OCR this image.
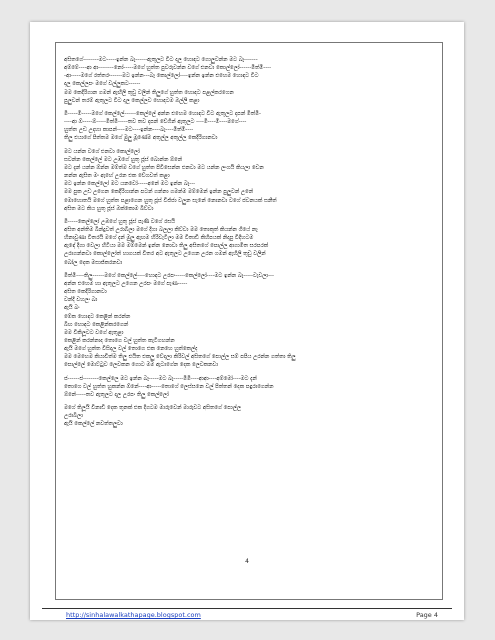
අසිතගේ--------මට-----ඉන්න බෑ------ඇතුලට විට දාල හොඳට ගොලුවන්න මට බෑ-------
අම්මේ----ආ ආ--------නෝ-----මගේ හුත්ත පුවරුවන්න වගේ එනවා කොල්ලෝ------මිත්මි----
-ආ-----මගේ රත්තරං------මට ඉන්න---බෑ කොල්ලෝ----ඉන්න ඉන්න එහෙම හොඳට විට
දාල කෙල්ලපං මගේ වල්ලුකට------
මම කෙදිරිගාන ගමන් ඇඟිලි තුඩු වලින් තිලුගේ හුත්ත හොඳට පළල්කරගෙන
පුලුවන් තරම් ඇතුලට විට දාල කෙල්ලව හොඳටම ඔල්ලි කළා
මි-----මි-----මගේ කෙල්ලේ------කෙල්ලේ අන්න එහෙම හොඳට විට ඇතුලට දාපන් මිත්මි-
----ආ ඕ-----ඕ-----මිත්මි-----තව තව දාපන් වේගින් ඇතුලට ----මි----මි----මගේ----
හුත්ත උඩ උදාහා කාපන්----මට----ඉන්න----බෑ----මිත්මි----
තිලු එයාගේ පිත්තම මගේ මුලු මූණේම අතුල්ල අතුල්ල කෙදිරිගානවා
මට යන්න වගේ එනවා කොල්ලෝ
සවන්න කෙල්ලේ මට උඹගේ හුතු ජූස් බොන්න ඕනේ
මට දැන් යන්න ඕන්න මම්ත්ම වගේ හුත්ත පිවිසෙන්න එනවා මට යන්න ලංගයි කියලා වෙන
නන්න ඇසිත මං ඇහේ උරන එක වේගවත් කළා
මට ඉන්න කෙල්ලෝ මට යනවෝ-----අනේ මට ඉන්න බෑ---
මම පුක උඩ උගෙන කෙදිරිගාන්න පටන් ගන්නා ගමන්ම මම්මෙන් ඉන්න පුලුවන් උනේ
මොහොතයි මගේ හුත්ත පළාගෙන හුතු ජූස් විජ්ජා වලුන සැනේ නොනවා වගේ ජවනයක් සනීත්
අසිත මට කිය හුතු ජූස් ඔක්කොම බිව්වා
මි-----කෙල්ලෝ උඹගේ හුතු ජූස් පැණි වගේ රසයි
අසිත අන්තිම බින්දුවත් උරාබිලා මගේ දිගා බලලා කිව්වා මම තොකුත් කියන්න ගියේ නෑ
හිනාවුණා විතරයි මගේ දැන් මුලු ඇඟම හිරිවැටිලා මම විතාඩි කිහිපයක් නිදාපු විදිහටම
ඇඳේ දිගා වෙලා හිටියා මම මම්මෙන් ඉන්න නොවා තිලු අසිතගේ පොල්ල ආගාමිත සරපරක්
උරාගන්නවා කොල්ලෝත් හාගයක් විතර අට ඇතුලට උගෙන උරන ගමන් ඇහිලි තුඩු වලින්
බෝල දෙක මසාජ්කරනවා
මිත්මි----තිලු------මගේ කෙල්ලේ----හොඳට උරපං-----කෙල්ලෝ----මට ඉන්න බෑ-----වැවලා---
අන්න එහෙම හා ඇතුලට උගෙන උරපං මගේ පැණ-----
අසිත කෙදිරිගානවා
වන්දි වහලං බා
ඇයි බං
මේක හොඳට කෙළින් කරන්න
බිඟ හොඳට කෙළින්කරගෙන්
මම විකිලූවට වගේ ඇතුළා
කෙළින් කරන්නාද තොගෙ වල් හුත්ත කැටිගහන්න
ඇයි මගේ හුත්ත විසිදල වල් තොගෙ එක නෙහෙ හුත්කෙල්ද
මම මෙහෙම කියාවිත්ම තිලු එයිත එකලු වේදලා කිරිවල් අසිතගේ පොල්ල සම් පපිය උරන්න ගත්තා තිලු
පොල්ලේ මොට්ටුව ලෙවකන ගොට මම ඇටාගේන දෙක ලෙවකනවා
ජ------ජ--------කෙල්ලෙ මට ඉන්න බෑ-----මට බෑ-----මිමි----ආආ----අම්මෝ----මට දැන්
තොගෙ වල් හුත්ත හුකන්න ඕනේ----ආ-----තොගේ ලෙස්සනෙ වල් පිත්තන් දෙක පඳුරාගෙන්න
ඕනේ-----තව ඇතුලට දාල උරපං තිලු කෙල්ලෝ
මගේ තිලූයි විනාඩි දෙක තුනක් එක දිගටම මාරුවෙන් මාරුවට අසිතගේ පොල්ල
උරාබීලා
ඇයි කෙල්ලේ නවත්තලුවා
4
http://sinhalawalkathapage.blogspot.com	Page 4
